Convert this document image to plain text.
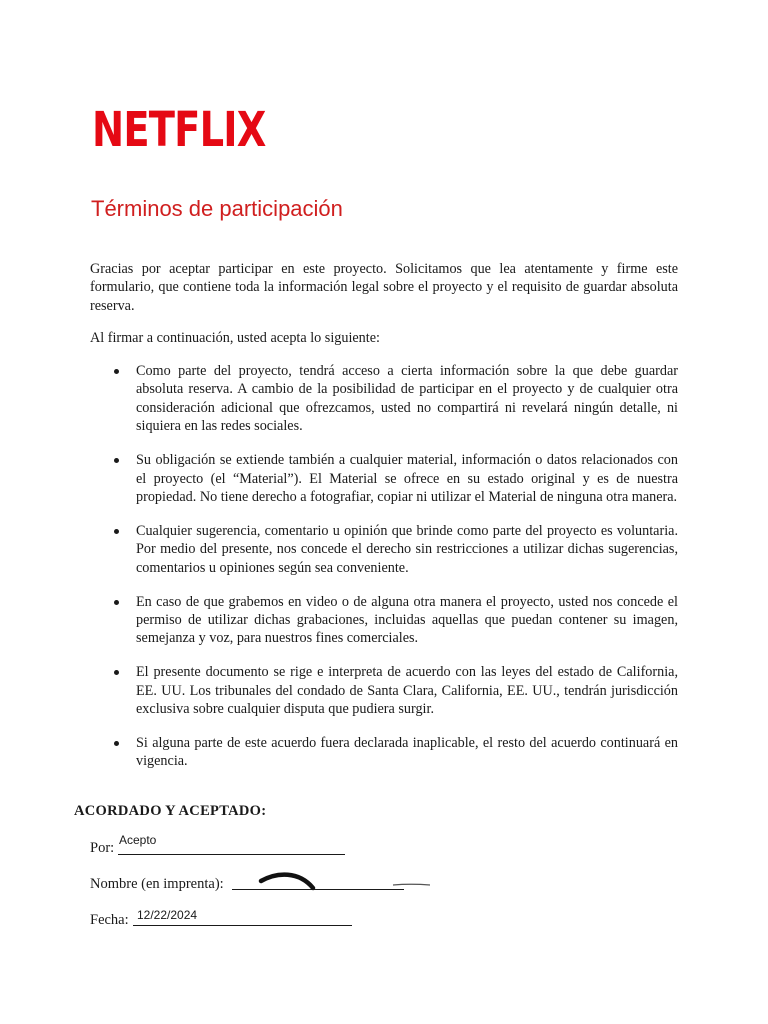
NETFLIX
Términos de participación

Gracias por aceptar participar en este proyecto. Solicitamos que lea atentamente y firme este formulario, que contiene toda la información legal sobre el proyecto y el requisito de guardar absoluta reserva.

Al firmar a continuación, usted acepta lo siguiente:

Como parte del proyecto, tendrá acceso a cierta información sobre la que debe guardar absoluta reserva. A cambio de la posibilidad de participar en el proyecto y de cualquier otra consideración adicional que ofrezcamos, usted no compartirá ni revelará ningún detalle, ni siquiera en las redes sociales.
Su obligación se extiende también a cualquier material, información o datos relacionados con el proyecto (el “Material”). El Material se ofrece en su estado original y es de nuestra propiedad. No tiene derecho a fotografiar, copiar ni utilizar el Material de ninguna otra manera.
Cualquier sugerencia, comentario u opinión que brinde como parte del proyecto es voluntaria. Por medio del presente, nos concede el derecho sin restricciones a utilizar dichas sugerencias, comentarios u opiniones según sea conveniente.
En caso de que grabemos en video o de alguna otra manera el proyecto, usted nos concede el permiso de utilizar dichas grabaciones, incluidas aquellas que puedan contener su imagen, semejanza y voz, para nuestros fines comerciales.
El presente documento se rige e interpreta de acuerdo con las leyes del estado de California, EE. UU. Los tribunales del condado de Santa Clara, California, EE. UU., tendrán jurisdicción exclusiva sobre cualquier disputa que pudiera surgir.
Si alguna parte de este acuerdo fuera declarada inaplicable, el resto del acuerdo continuará en vigencia.
ACORDADO Y ACEPTADO:
Por: Acepto
Nombre (en imprenta):
Fecha: 12/22/2024
